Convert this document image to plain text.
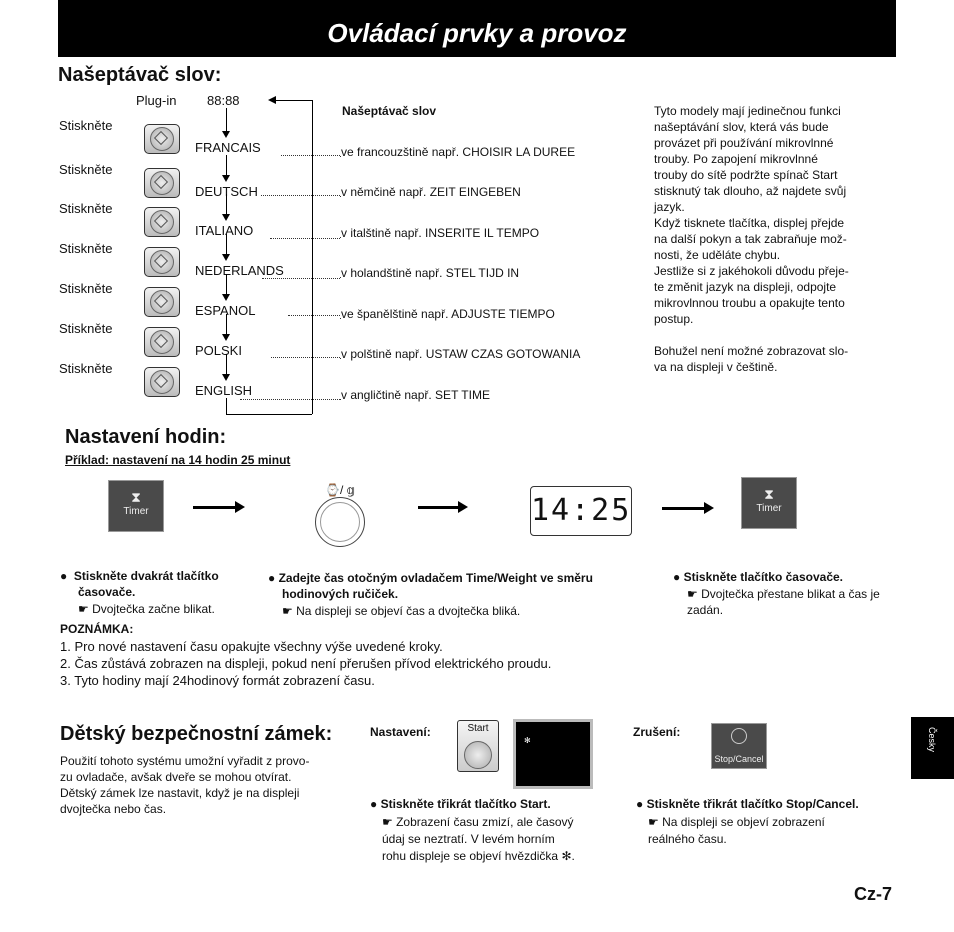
Ovládací prvky a provoz
Našeptávač slov:
Plug-in 88:88
Stiskněte
FRANCAIS	ve francouzštině např. CHOISIR LA DUREE
Stiskněte
DEUTSCH	v němčině např. ZEIT EINGEBEN
Stiskněte
ITALIANO	v italštině např. INSERITE IL TEMPO
Stiskněte
NEDERLANDS	v holandštině např. STEL TIJD IN
Stiskněte
ESPANOL	ve španělštině např. ADJUSTE TIEMPO
Stiskněte
POLSKI	v polštině např. USTAW CZAS GOTOWANIA
Stiskněte
ENGLISH	v angličtině např. SET TIME
Našeptávač slov	Tyto modely mají jedinečnou funkci
našeptávání slov, která vás bude
provázet při používání mikrovlnné
trouby. Po zapojení mikrovlnné
trouby do sítě podržte spínač Start
stisknutý tak dlouho, až najdete svůj
jazyk.
Když tisknete tlačítka, displej přejde
na další pokyn a tak zabraňuje mož-
nosti, že uděláte chybu.
Jestliže si z jakéhokoli důvodu přeje-
te změnit jazyk na displeji, odpojte
mikrovlnnou troubu a opakujte tento
postup.

Bohužel není možné zobrazovat slo-
va na displeji v češtině.
Nastavení hodin:
Příklad: nastavení na 14 hodin 25 minut
⧗
Timer
⌚/ 𝕘
14:25	⧗
Timer
●  Stiskněte dvakrát tlačítko časovače.
☛ Dvojtečka začne blikat.
● Zadejte čas otočným ovladačem Time/Weight ve směru hodinových ručiček.
☛ Na displeji se objeví čas a dvojtečka bliká.
● Stiskněte tlačítko časovače.
☛ Dvojtečka přestane blikat a čas je zadán.
POZNÁMKA:
1. Pro nové nastavení času opakujte všechny výše uvedené kroky.
2. Čas zůstává zobrazen na displeji, pokud není přerušen přívod elektrického proudu.
3. Tyto hodiny mají 24hodinový formát zobrazení času.
Dětský bezpečnostní zámek:
Použití tohoto systému umožní vyřadit z provo-
zu ovladače, avšak dveře se mohou otvírat.
Dětský zámek lze nastavit, když je na displeji
dvojtečka nebo čas.
Nastavení:	Start
✻
● Stiskněte třikrát tlačítko Start.
☛ Zobrazení času zmizí, ale časový
údaj se neztratí. V levém horním
rohu displeje se objeví hvězdička ✻.
Zrušení:
Stop/Cancel
● Stiskněte třikrát tlačítko Stop/Cancel.
☛ Na displeji se objeví zobrazení
reálného času.
Česky
Cz-7
